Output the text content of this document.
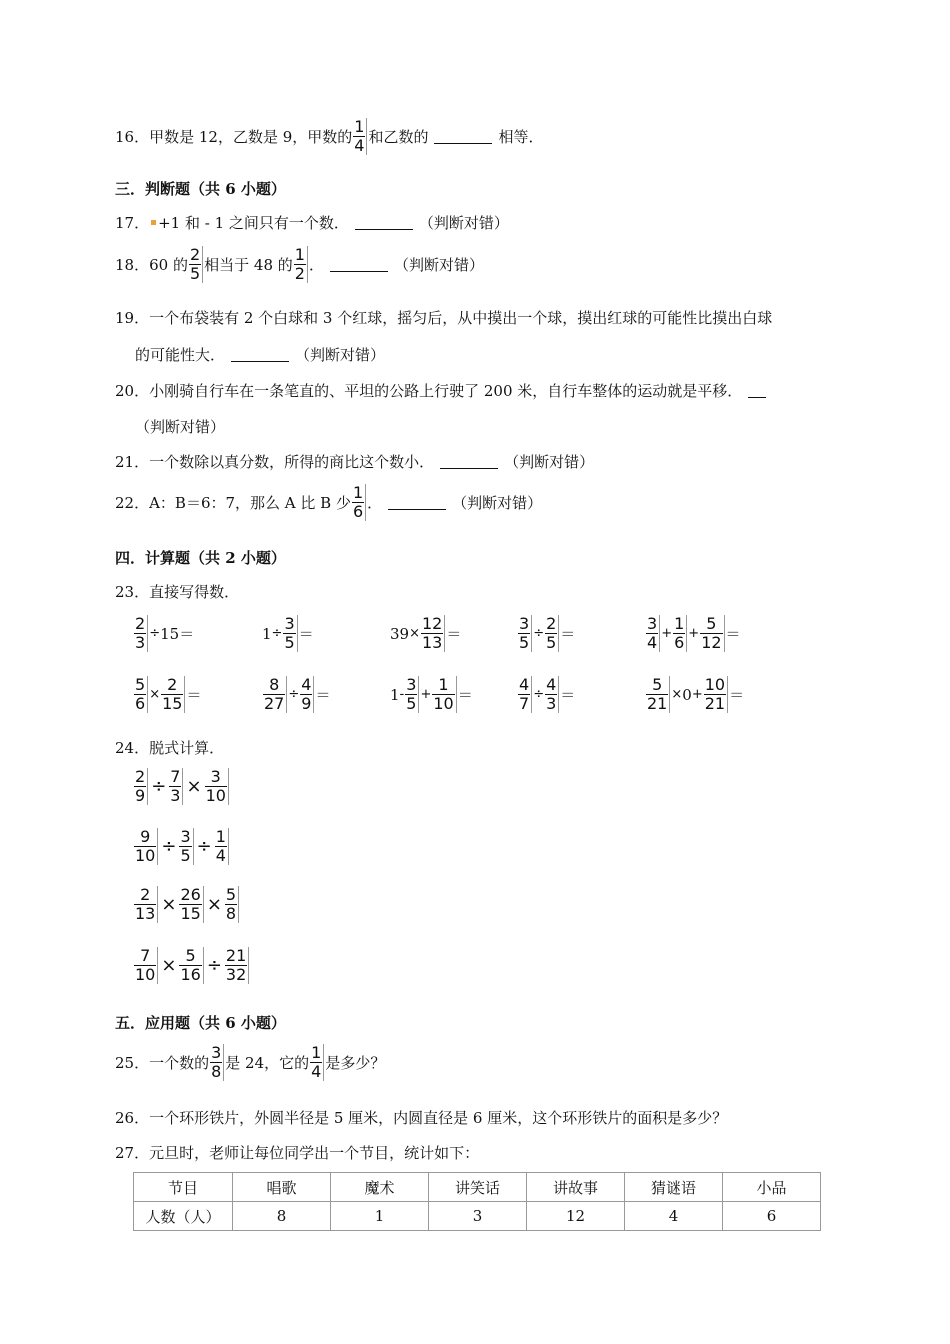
16．甲数是 12，乙数是 9，甲数的 $\frac{1}{4}$ 和乙数的	相等．
三．判断题（共 6 小题）
17． +1 和 - 1 之间只有一个数．	（判断对错）
18．60 的 $\frac{2}{5}$ 相当于 48 的 $\frac{1}{2}$ ．	（判断对错）
19．一个布袋装有 2 个白球和 3 个红球，摇匀后，从中摸出一个球，摸出红球的可能性比摸出白球
的可能性大．	（判断对错）
20．小刚骑自行车在一条笔直的、平坦的公路上行驶了 200 米，自行车整体的运动就是平移．
（判断对错）
21．一个数除以真分数，所得的商比这个数小．	（判断对错）
22．A：B＝6：7，那么 A 比 B 少 $\frac{1}{6}$ ．	（判断对错）
四．计算题（共 2 小题）
23．直接写得数．
$\frac{2}{3} \div 15$ ＝	$1 \div \frac{3}{5}$ ＝	$39 \times \frac{12}{13}$ ＝	$\frac{3}{5} \div \frac{2}{5}$ ＝	$\frac{3}{4} + \frac{1}{6} + \frac{5}{12}$ ＝
$\frac{5}{6} \times \frac{2}{15}$ ＝	$\frac{8}{27} \div \frac{4}{9}$ ＝	$1 - \frac{3}{5} + \frac{1}{10}$ ＝	$\frac{4}{7} \div \frac{4}{3}$ ＝	$\frac{5}{21} \times 0 + \frac{10}{21}$ ＝
24．脱式计算．
$\frac{2}{9} \div \frac{7}{3} \times \frac{3}{10}$
$\frac{9}{10} \div \frac{3}{5} \div \frac{1}{4}$
$\frac{2}{13} \times \frac{26}{15} \times \frac{5}{8}$
$\frac{7}{10} \times \frac{5}{16} \div \frac{21}{32}$
五．应用题（共 6 小题）
25．一个数的 $\frac{3}{8}$ 是 24，它的 $\frac{1}{4}$ 是多少？
26．一个环形铁片，外圆半径是 5 厘米，内圆直径是 6 厘米，这个环形铁片的面积是多少？
27．元旦时，老师让每位同学出一个节目，统计如下：
节目	唱歌	魔术	讲笑话	讲故事	猜谜语	小品
人数（人）	8	1	3	12	4	6
